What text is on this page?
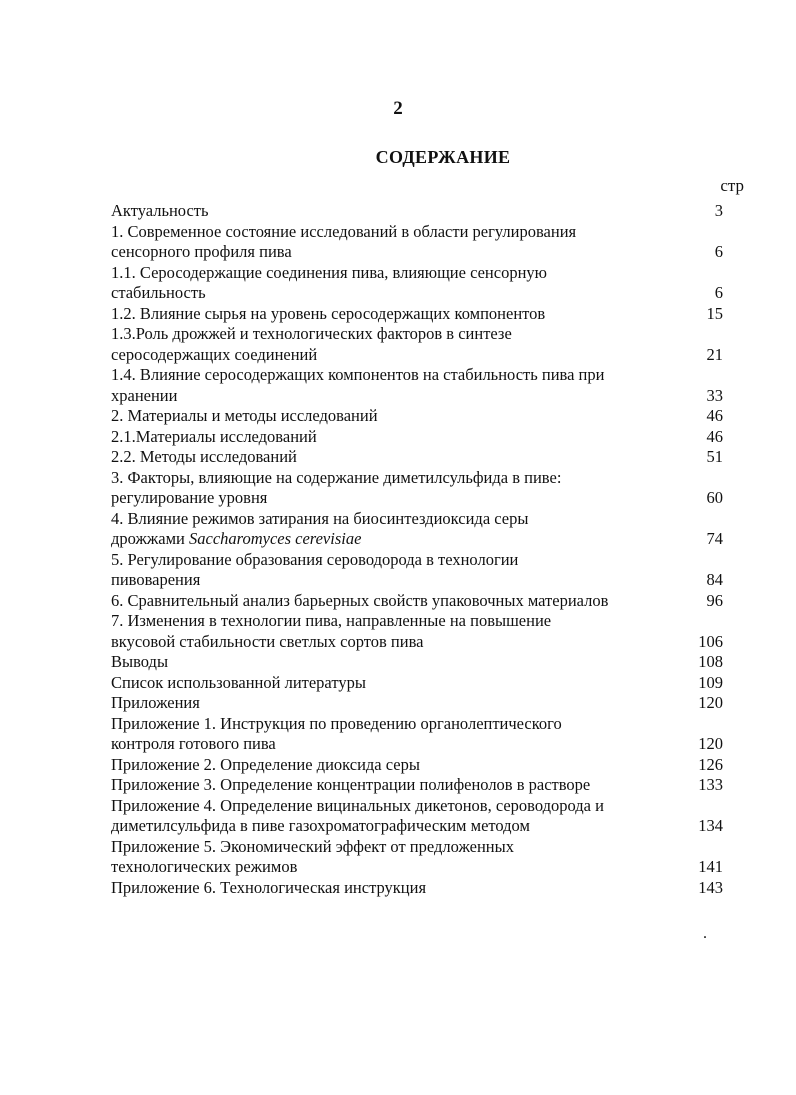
2
СОДЕРЖАНИЕ
стр
Актуальность	3
1. Современное состояние исследований в области регулирования
сенсорного профиля пива	6
1.1. Серосодержащие соединения пива, влияющие сенсорную
стабильность	6
1.2. Влияние сырья на уровень серосодержащих компонентов	15
1.3.Роль дрожжей и технологических факторов в синтезе
серосодержащих соединений	21
1.4. Влияние серосодержащих компонентов на стабильность пива при
хранении	33
2. Материалы и методы исследований	46
2.1.Материалы исследований	46
2.2. Методы исследований	51
3. Факторы, влияющие на содержание диметилсульфида в пиве:
регулирование уровня	60
4. Влияние режимов затирания на биосинтездиоксида серы
дрожжами Saccharomyces cerevisiae	74
5. Регулирование образования сероводорода в технологии
пивоварения	84
6. Сравнительный анализ барьерных свойств упаковочных материалов	96
7. Изменения в технологии пива, направленные на повышение
вкусовой стабильности светлых сортов пива	106
Выводы	108
Список использованной литературы	109
Приложения	120
Приложение 1. Инструкция по проведению органолептического
контроля готового пива	120
Приложение 2. Определение диоксида серы	126
Приложение 3. Определение концентрации полифенолов в растворе	133
Приложение 4. Определение вицинальных дикетонов, сероводорода и
диметилсульфида в пиве газохроматографическим методом	134
Приложение 5. Экономический эффект от предложенных
технологических режимов	141
Приложение 6. Технологическая инструкция	143
.
